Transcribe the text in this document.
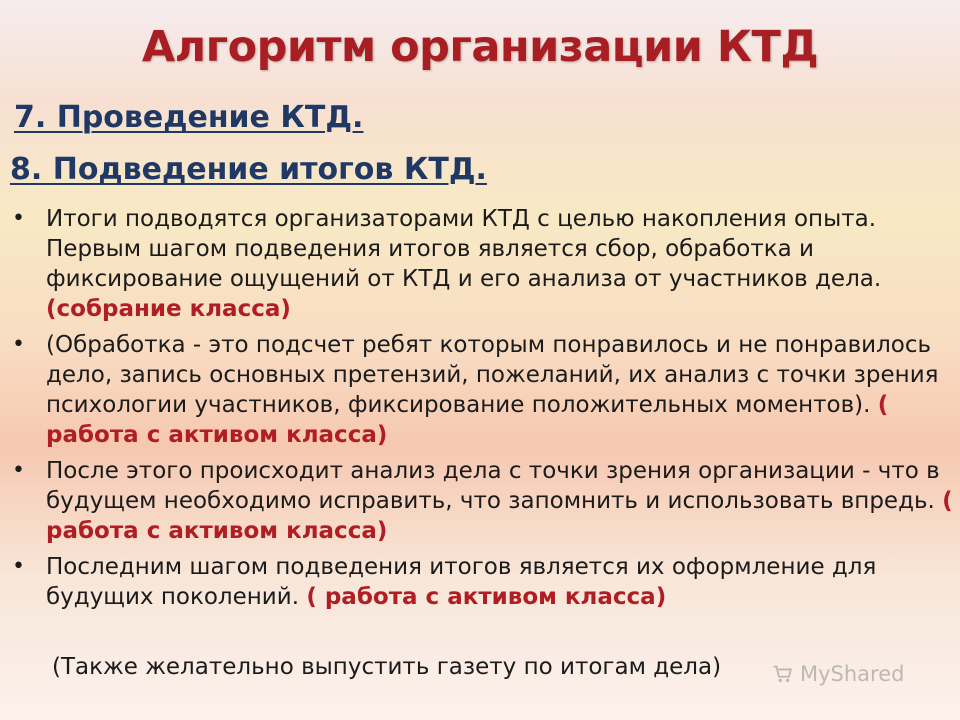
Алгоритм организации КТД
7. Проведение КТД.
8. Подведение итогов КТД.
• Итоги подводятся организаторами КТД с целью накопления опыта. Первым шагом подведения итогов является сбор, обработка и фиксирование ощущений от КТД и его анализа от участников дела. (собрание класса)
• (Обработка - это подсчет ребят которым понравилось и не понравилось дело, запись основных претензий, пожеланий, их анализ с точки зрения психологии участников, фиксирование положительных моментов). ( работа с активом класса)
• После этого происходит анализ дела с точки зрения организации - что в будущем необходимо исправить, что запомнить и использовать впредь. ( работа с активом класса)
• Последним шагом подведения итогов является их оформление для будущих поколений. ( работа с активом класса)
(Также желательно выпустить газету по итогам дела)	MyShared
